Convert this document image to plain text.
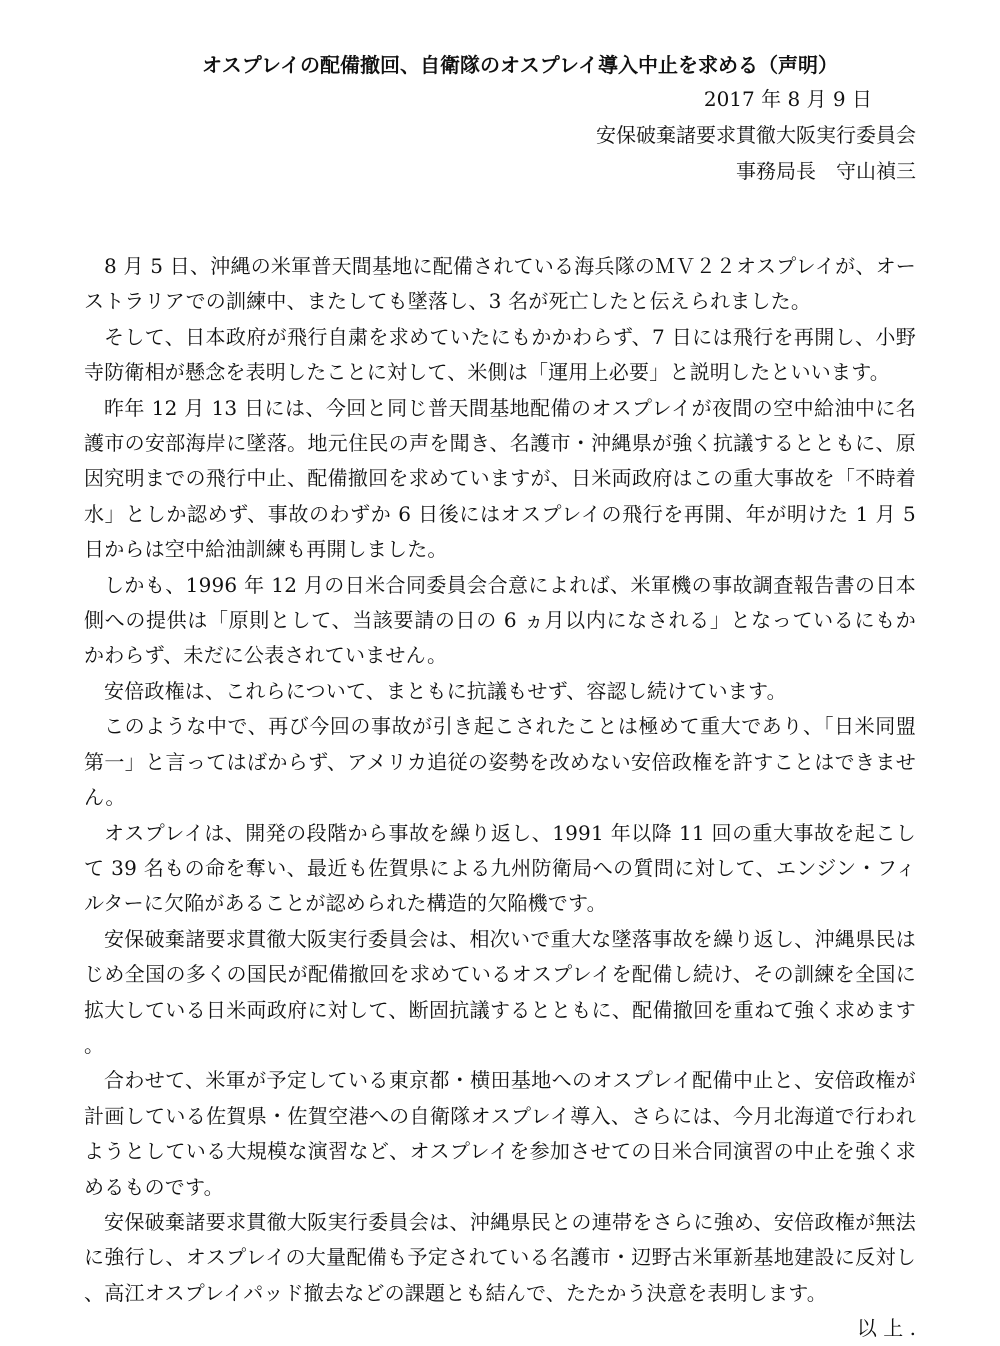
オスプレイの配備撤回、自衛隊のオスプレイ導入中止を求める（声明）
2017 年 8 月 9 日
安保破棄諸要求貫徹大阪実行委員会
事務局長　守山禎三

8 月 5 日、沖縄の米軍普天間基地に配備されている海兵隊のＭＶ２２オスプレイが、オーストラリアでの訓練中、またしても墜落し、3 名が死亡したと伝えられました。

そして、日本政府が飛行自粛を求めていたにもかかわらず、7 日には飛行を再開し、小野寺防衛相が懸念を表明したことに対して、米側は「運用上必要」と説明したといいます。

昨年 12 月 13 日には、今回と同じ普天間基地配備のオスプレイが夜間の空中給油中に名護市の安部海岸に墜落。地元住民の声を聞き、名護市・沖縄県が強く抗議するとともに、原因究明までの飛行中止、配備撤回を求めていますが、日米両政府はこの重大事故を「不時着水」としか認めず、事故のわずか 6 日後にはオスプレイの飛行を再開、年が明けた 1 月 5 日からは空中給油訓練も再開しました。

しかも、1996 年 12 月の日米合同委員会合意によれば、米軍機の事故調査報告書の日本側への提供は「原則として、当該要請の日の 6 ヵ月以内になされる」となっているにもかかわらず、未だに公表されていません。

安倍政権は、これらについて、まともに抗議もせず、容認し続けています。

このような中で、再び今回の事故が引き起こされたことは極めて重大であり、「日米同盟第一」と言ってはばからず、アメリカ追従の姿勢を改めない安倍政権を許すことはできません。

オスプレイは、開発の段階から事故を繰り返し、1991 年以降 11 回の重大事故を起こして 39 名もの命を奪い、最近も佐賀県による九州防衛局への質問に対して、エンジン・フィルターに欠陥があることが認められた構造的欠陥機です。

安保破棄諸要求貫徹大阪実行委員会は、相次いで重大な墜落事故を繰り返し、沖縄県民はじめ全国の多くの国民が配備撤回を求めているオスプレイを配備し続け、その訓練を全国に拡大している日米両政府に対して、断固抗議するとともに、配備撤回を重ねて強く求めます。

合わせて、米軍が予定している東京都・横田基地へのオスプレイ配備中止と、安倍政権が計画している佐賀県・佐賀空港への自衛隊オスプレイ導入、さらには、今月北海道で行われようとしている大規模な演習など、オスプレイを参加させての日米合同演習の中止を強く求めるものです。

安保破棄諸要求貫徹大阪実行委員会は、沖縄県民との連帯をさらに強め、安倍政権が無法に強行し、オスプレイの大量配備も予定されている名護市・辺野古米軍新基地建設に反対し、高江オスプレイパッド撤去などの課題とも結んで、たたかう決意を表明します。

以 上 .
